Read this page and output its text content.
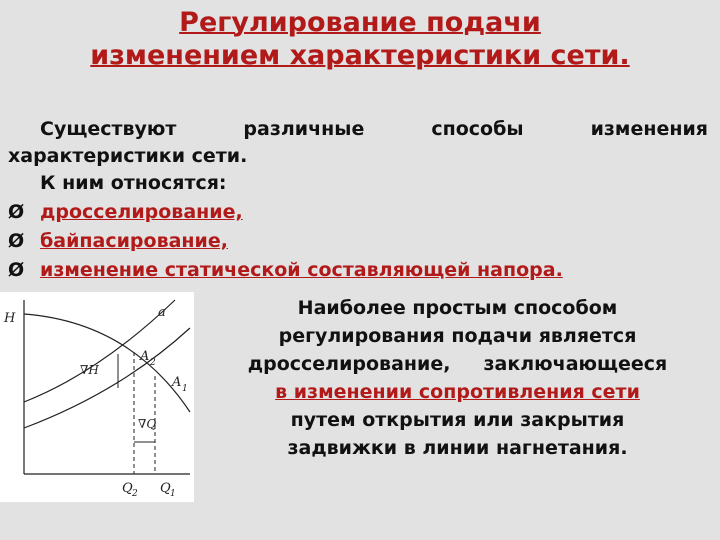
Регулирование подачи
изменением характеристики сети.

Существуют различные способы изменения

характеристики сети.

К ним относятся:

Ø дросселирование,
Ø байпасирование,
Ø изменение статической составляющей напора.
H	a
A 2
A 1
∇H
∇Q
Q 2 Q 1
Наиболее простым способом
регулирования подачи является
дросселирование,     заключающееся
в изменении сопротивления сети
путем открытия или закрытия
задвижки в линии нагнетания.
